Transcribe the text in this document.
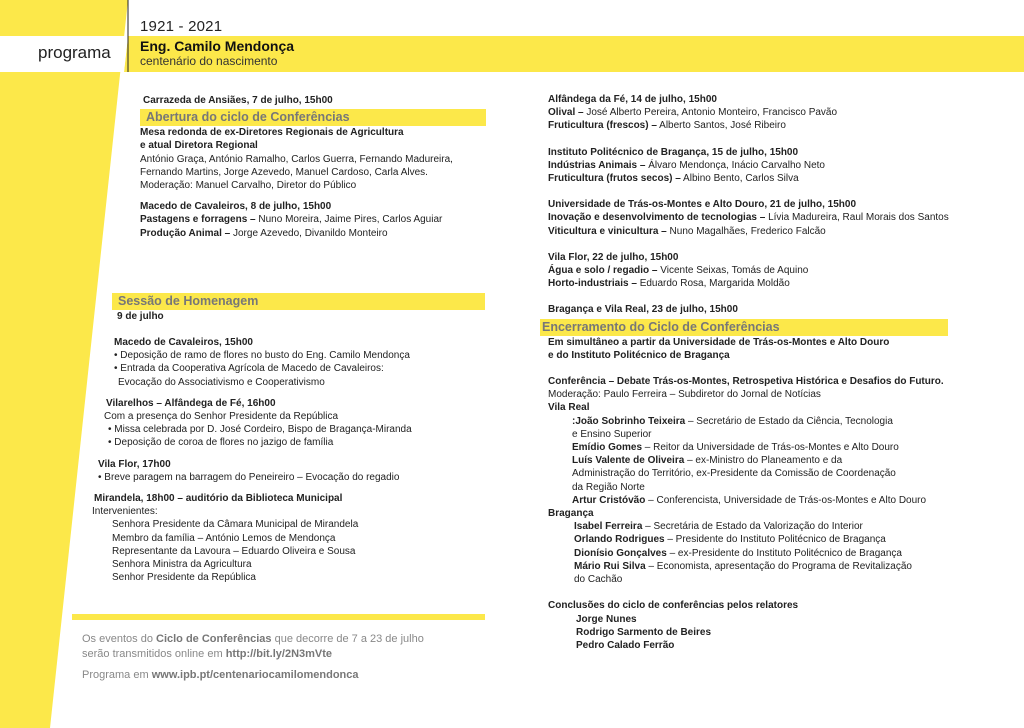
1921 - 2021
programa Eng. Camilo Mendonça
centenário do nascimento

Carrazeda de Ansiães, 7 de julho, 15h00

Abertura do ciclo de Conferências

Mesa redonda de ex-Diretores Regionais de Agricultura

e atual Diretora Regional

António Graça, António Ramalho, Carlos Guerra, Fernando Madureira,

Fernando Martins, Jorge Azevedo, Manuel Cardoso, Carla Alves.

Moderação: Manuel Carvalho, Diretor do Público

Macedo de Cavaleiros, 8 de julho, 15h00

Pastagens e forragens – Nuno Moreira, Jaime Pires, Carlos Aguiar

Produção Animal – Jorge Azevedo, Divanildo Monteiro

Sessão de Homenagem

9 de julho

Macedo de Cavaleiros, 15h00

• Deposição de ramo de flores no busto do Eng. Camilo Mendonça

• Entrada da Cooperativa Agrícola de Macedo de Cavaleiros:

Evocação do Associativismo e Cooperativismo

Vilarelhos – Alfândega de Fé, 16h00

Com a presença do Senhor Presidente da República

• Missa celebrada por D. José Cordeiro, Bispo de Bragança-Miranda

• Deposição de coroa de flores no jazigo de família

Vila Flor, 17h00

• Breve paragem na barragem do Peneireiro – Evocação do regadio

Mirandela, 18h00 – auditório da Biblioteca Municipal

Intervenientes:

Senhora Presidente da Câmara Municipal de Mirandela

Membro da família – António Lemos de Mendonça

Representante da Lavoura – Eduardo Oliveira e Sousa

Senhora Ministra da Agricultura

Senhor Presidente da República

Os eventos do Ciclo de Conferências que decorre de 7 a 23 de julho

serão transmitidos online em http://bit.ly/2N3mVte

Programa em www.ipb.pt/centenariocamilomendonca

Alfândega da Fé, 14 de julho, 15h00

Olival – José Alberto Pereira, Antonio Monteiro, Francisco Pavão

Fruticultura (frescos) – Alberto Santos, José Ribeiro

Instituto Politécnico de Bragança, 15 de julho, 15h00

Indústrias Animais – Álvaro Mendonça, Inácio Carvalho Neto

Fruticultura (frutos secos) – Albino Bento, Carlos Silva

Universidade de Trás-os-Montes e Alto Douro, 21 de julho, 15h00

Inovação e desenvolvimento de tecnologias – Lívia Madureira, Raul Morais dos Santos

Viticultura e vinicultura – Nuno Magalhães, Frederico Falcão

Vila Flor, 22 de julho, 15h00

Água e solo / regadio – Vicente Seixas, Tomás de Aquino

Horto-industriais – Eduardo Rosa, Margarida Moldão

Bragança e Vila Real, 23 de julho, 15h00

Encerramento do Ciclo de Conferências

Em simultâneo a partir da Universidade de Trás-os-Montes e Alto Douro

e do Instituto Politécnico de Bragança

Conferência – Debate Trás-os-Montes, Retrospetiva Histórica e Desafios do Futuro.

Moderação: Paulo Ferreira – Subdiretor do Jornal de Notícias

Vila Real

:João Sobrinho Teixeira – Secretário de Estado da Ciência, Tecnologia

e Ensino Superior

Emídio Gomes – Reitor da Universidade de Trás-os-Montes e Alto Douro

Luís Valente de Oliveira – ex-Ministro do Planeamento e da

Administração do Território, ex-Presidente da Comissão de Coordenação

da Região Norte

Artur Cristóvão – Conferencista, Universidade de Trás-os-Montes e Alto Douro

Bragança

Isabel Ferreira – Secretária de Estado da Valorização do Interior

Orlando Rodrigues – Presidente do Instituto Politécnico de Bragança

Dionísio Gonçalves – ex-Presidente do Instituto Politécnico de Bragança

Mário Rui Silva – Economista, apresentação do Programa de Revitalização

do Cachão

Conclusões do ciclo de conferências pelos relatores

Jorge Nunes

Rodrigo Sarmento de Beires

Pedro Calado Ferrão
